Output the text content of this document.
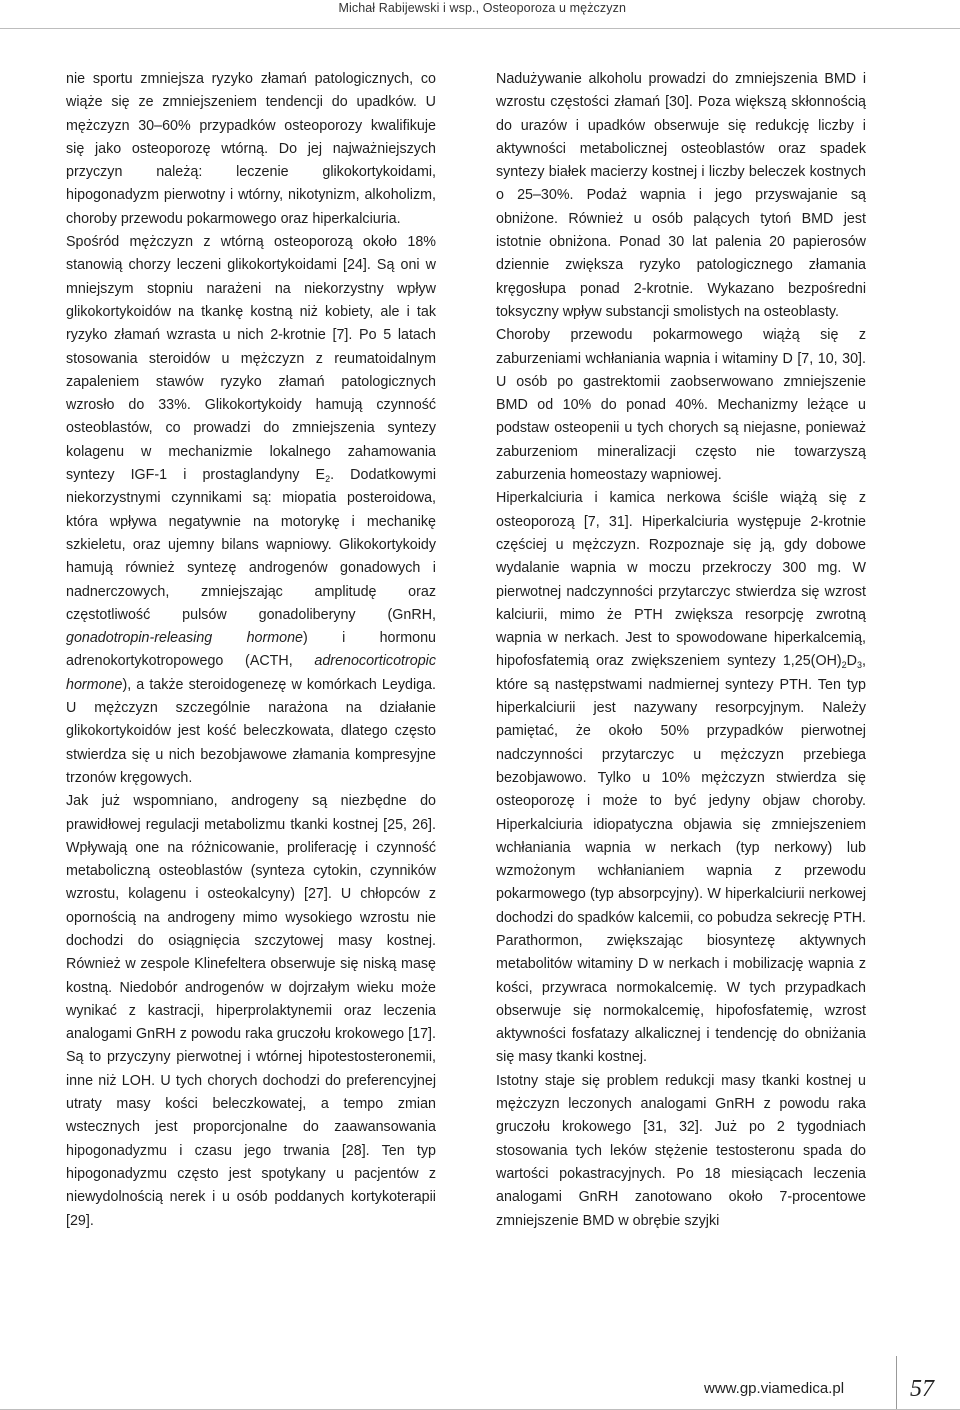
Michał Rabijewski i wsp., Osteoporoza u mężczyzn

nie sportu zmniejsza ryzyko złamań patologicznych, co wiąże się ze zmniejszeniem tendencji do upadków. U mężczyzn 30–60% przypadków osteoporozy kwalifikuje się jako osteoporozę wtórną. Do jej najważniejszych przyczyn należą: leczenie glikokortykoidami, hipogonadyzm pierwotny i wtórny, nikotynizm, alkoholizm, choroby przewodu pokarmowego oraz hiperkalciuria.

Spośród mężczyzn z wtórną osteoporozą około 18% stanowią chorzy leczeni glikokortykoidami [24]. Są oni w mniejszym stopniu narażeni na niekorzystny wpływ glikokortykoidów na tkankę kostną niż kobiety, ale i tak ryzyko złamań wzrasta u nich 2-krotnie [7]. Po 5 latach stosowania steroidów u mężczyzn z reumatoidalnym zapaleniem stawów ryzyko złamań patologicznych wzrosło do 33%. Glikokortykoidy hamują czynność osteoblastów, co prowadzi do zmniejszenia syntezy kolagenu w mechanizmie lokalnego zahamowania syntezy IGF-1 i prostaglandyny $E_2$. Dodatkowymi niekorzystnymi czynnikami są: miopatia posteroidowa, która wpływa negatywnie na motorykę i mechanikę szkieletu, oraz ujemny bilans wapniowy. Glikokortykoidy hamują również syntezę androgenów gonadowych i nadnerczowych, zmniejszając amplitudę oraz częstotliwość pulsów gonadoliberyny (GnRH, gonadotropin-releasing hormone) i hormonu adrenokortykotropowego (ACTH, adrenocorticotropic hormone), a także steroidogenezę w komórkach Leydiga. U mężczyzn szczególnie narażona na działanie glikokortykoidów jest kość beleczkowata, dlatego często stwierdza się u nich bezobjawowe złamania kompresyjne trzonów kręgowych.

Jak już wspomniano, androgeny są niezbędne do prawidłowej regulacji metabolizmu tkanki kostnej [25, 26]. Wpływają one na różnicowanie, proliferację i czynność metaboliczną osteoblastów (synteza cytokin, czynników wzrostu, kolagenu i osteokalcyny) [27]. U chłopców z opornością na androgeny mimo wysokiego wzrostu nie dochodzi do osiągnięcia szczytowej masy kostnej. Również w zespole Klinefeltera obserwuje się niską masę kostną. Niedobór androgenów w dojrzałym wieku może wynikać z kastracji, hiperprolaktynemii oraz leczenia analogami GnRH z powodu raka gruczołu krokowego [17]. Są to przyczyny pierwotnej i wtórnej hipotestosteronemii, inne niż LOH. U tych chorych dochodzi do preferencyjnej utraty masy kości beleczkowatej, a tempo zmian wstecznych jest proporcjonalne do zaawansowania hipogonadyzmu i czasu jego trwania [28]. Ten typ hipogonadyzmu często jest spotykany u pacjentów z niewydolnością nerek i u osób poddanych kortykoterapii [29].

Nadużywanie alkoholu prowadzi do zmniejszenia BMD i wzrostu częstości złamań [30]. Poza większą skłonnością do urazów i upadków obserwuje się redukcję liczby i aktywności metabolicznej osteoblastów oraz spadek syntezy białek macierzy kostnej i liczby beleczek kostnych o 25–30%. Podaż wapnia i jego przyswajanie są obniżone. Również u osób palących tytoń BMD jest istotnie obniżona. Ponad 30 lat palenia 20 papierosów dziennie zwiększa ryzyko patologicznego złamania kręgosłupa ponad 2-krotnie. Wykazano bezpośredni toksyczny wpływ substancji smolistych na osteoblasty.

Choroby przewodu pokarmowego wiążą się z zaburzeniami wchłaniania wapnia i witaminy D [7, 10, 30]. U osób po gastrektomii zaobserwowano zmniejszenie BMD od 10% do ponad 40%. Mechanizmy leżące u podstaw osteopenii u tych chorych są niejasne, ponieważ zaburzeniom mineralizacji często nie towarzyszą zaburzenia homeostazy wapniowej.

Hiperkalciuria i kamica nerkowa ściśle wiążą się z osteoporozą [7, 31]. Hiperkalciuria występuje 2-krotnie częściej u mężczyzn. Rozpoznaje się ją, gdy dobowe wydalanie wapnia w moczu przekroczy 300 mg. W pierwotnej nadczynności przytarczyc stwierdza się wzrost kalciurii, mimo że PTH zwiększa resorpcję zwrotną wapnia w nerkach. Jest to spowodowane hiperkalcemią, hipofosfatemią oraz zwiększeniem syntezy $1,25(OH)_2D_3$, które są następstwami nadmiernej syntezy PTH. Ten typ hiperkalciurii jest nazywany resorpcyjnym. Należy pamiętać, że około 50% przypadków pierwotnej nadczynności przytarczyc u mężczyzn przebiega bezobjawowo. Tylko u 10% mężczyzn stwierdza się osteoporozę i może to być jedyny objaw choroby. Hiperkalciuria idiopatyczna objawia się zmniejszeniem wchłaniania wapnia w nerkach (typ nerkowy) lub wzmożonym wchłanianiem wapnia z przewodu pokarmowego (typ absorpcyjny). W hiperkalciurii nerkowej dochodzi do spadków kalcemii, co pobudza sekrecję PTH. Parathormon, zwiększając biosyntezę aktywnych metabolitów witaminy D w nerkach i mobilizację wapnia z kości, przywraca normokalcemię. W tych przypadkach obserwuje się normokalcemię, hipofosfatemię, wzrost aktywności fosfatazy alkalicznej i tendencję do obniżania się masy tkanki kostnej.

Istotny staje się problem redukcji masy tkanki kostnej u mężczyzn leczonych analogami GnRH z powodu raka gruczołu krokowego [31, 32]. Już po 2 tygodniach stosowania tych leków stężenie testosteronu spada do wartości pokastracyjnych. Po 18 miesiącach leczenia analogami GnRH zanotowano około 7-procentowe zmniejszenie BMD w obrębie szyjki

www.gp.viamedica.pl	57
